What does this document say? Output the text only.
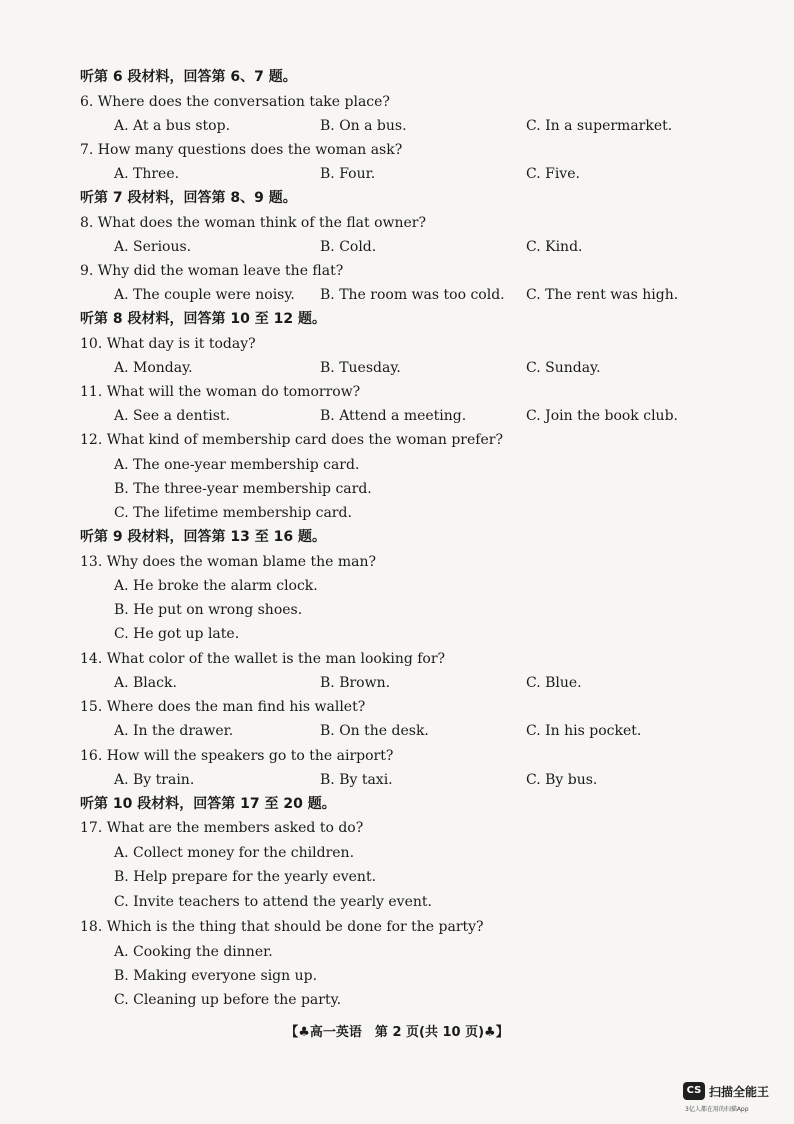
听第 6 段材料，回答第 6、7 题。
6. Where does the conversation take place?
A. At a bus stop.	B. On a bus.	C. In a supermarket.
7. How many questions does the woman ask?
A. Three.	B. Four.	C. Five.
听第 7 段材料，回答第 8、9 题。
8. What does the woman think of the flat owner?
A. Serious.	B. Cold.	C. Kind.
9. Why did the woman leave the flat?
A. The couple were noisy. B. The room was too cold. C. The rent was high.
听第 8 段材料，回答第 10 至 12 题。
10. What day is it today?
A. Monday.	B. Tuesday.	C. Sunday.
11. What will the woman do tomorrow?
A. See a dentist.	B. Attend a meeting.	C. Join the book club.
12. What kind of membership card does the woman prefer?
A. The one-year membership card.
B. The three-year membership card.
C. The lifetime membership card.
听第 9 段材料，回答第 13 至 16 题。
13. Why does the woman blame the man?
A. He broke the alarm clock.
B. He put on wrong shoes.
C. He got up late.
14. What color of the wallet is the man looking for?
A. Black.	B. Brown.	C. Blue.
15. Where does the man find his wallet?
A. In the drawer.	B. On the desk.	C. In his pocket.
16. How will the speakers go to the airport?
A. By train.	B. By taxi.	C. By bus.
听第 10 段材料，回答第 17 至 20 题。
17. What are the members asked to do?
A. Collect money for the children.
B. Help prepare for the yearly event.
C. Invite teachers to attend the yearly event.
18. Which is the thing that should be done for the party?
A. Cooking the dinner.
B. Making everyone sign up.
C. Cleaning up before the party.
【♣高一英语　第 2 页(共 10 页)♣】
CS 扫描全能王
3亿人都在用的扫描App
